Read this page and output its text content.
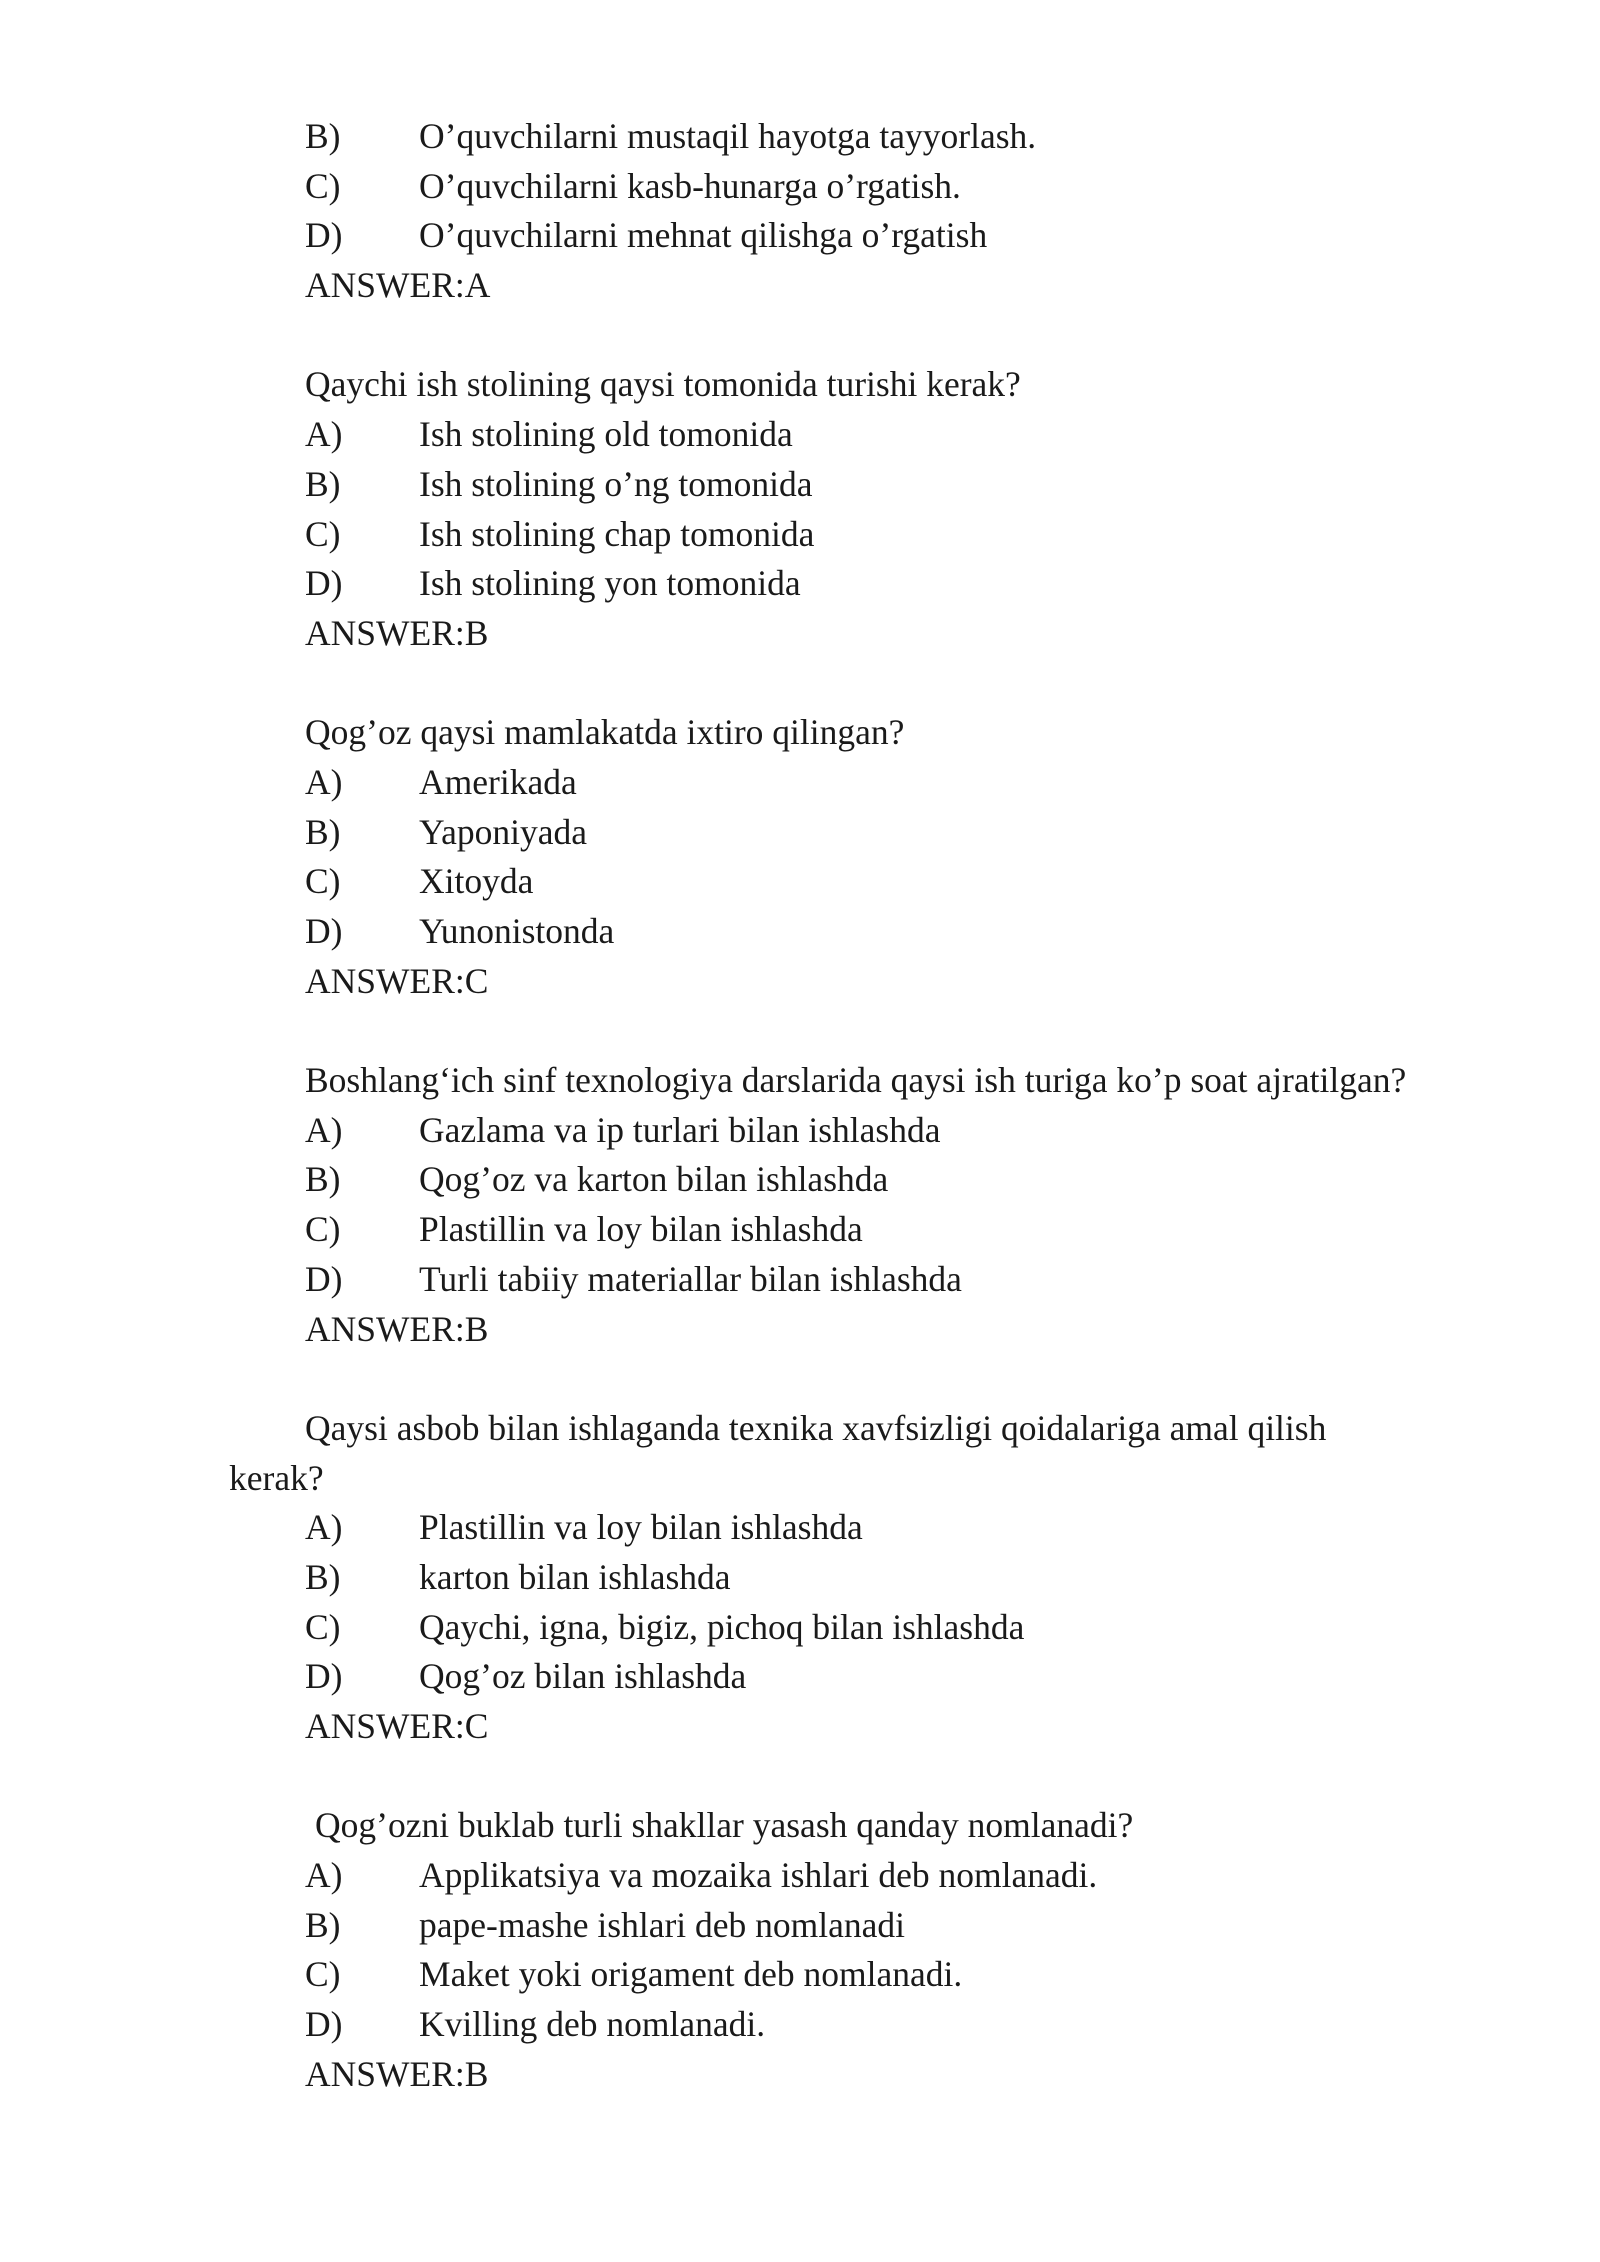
B) O’quvchilarni mustaqil hayotga tayyorlash.
C) O’quvchilarni kasb-hunarga o’rgatish.
D) O’quvchilarni mehnat qilishga o’rgatish
ANSWER:A
Qaychi ish stolining qaysi tomonida turishi kerak?
A) Ish stolining old tomonida
B) Ish stolining o’ng tomonida
C) Ish stolining chap tomonida
D) Ish stolining yon tomonida
ANSWER:B
Qog’oz qaysi mamlakatda ixtiro qilingan?
A) Amerikada
B) Yaponiyada
C) Xitoyda
D) Yunonistonda
ANSWER:C
Boshlang‘ich sinf texnologiya darslarida qaysi ish turiga ko’p soat ajratilgan?
A) Gazlama va ip turlari bilan ishlashda
B) Qog’oz va karton bilan ishlashda
C) Plastillin va loy bilan ishlashda
D) Turli tabiiy materiallar bilan ishlashda
ANSWER:B
Qaysi asbob bilan ishlaganda texnika xavfsizligi qoidalariga amal qilish
kerak?
A) Plastillin va loy bilan ishlashda
B) karton bilan ishlashda
C) Qaychi, igna, bigiz, pichoq bilan ishlashda
D) Qog’oz bilan ishlashda
ANSWER:C
Qog’ozni buklab turli shakllar yasash qanday nomlanadi?
A) Applikatsiya va mozaika ishlari deb nomlanadi.
B) pape-mashe ishlari deb nomlanadi
C) Maket yoki origament deb nomlanadi.
D) Kvilling deb nomlanadi.
ANSWER:B
